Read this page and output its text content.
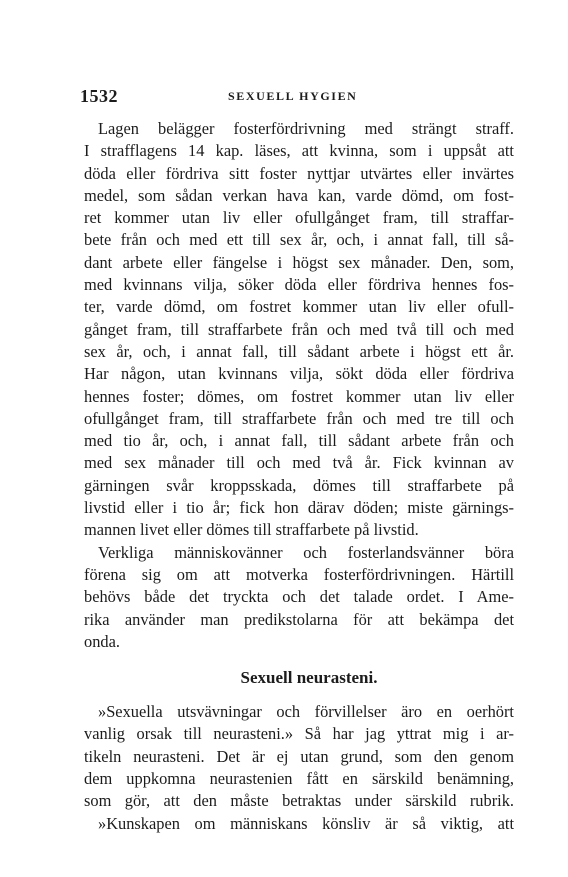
1532	SEXUELL HYGIEN
Lagen belägger fosterfördrivning med strängt straff.
I strafflagens 14 kap. läses, att kvinna, som i uppsåt att
döda eller fördriva sitt foster nyttjar utvärtes eller invärtes
medel, som sådan verkan hava kan, varde dömd, om fost-
ret kommer utan liv eller ofullgånget fram, till straffar-
bete från och med ett till sex år, och, i annat fall, till så-
dant arbete eller fängelse i högst sex månader. Den, som,
med kvinnans vilja, söker döda eller fördriva hennes fos-
ter, varde dömd, om fostret kommer utan liv eller ofull-
gånget fram, till straffarbete från och med två till och med
sex år, och, i annat fall, till sådant arbete i högst ett år.
Har någon, utan kvinnans vilja, sökt döda eller fördriva
hennes foster; dömes, om fostret kommer utan liv eller
ofullgånget fram, till straffarbete från och med tre till och
med tio år, och, i annat fall, till sådant arbete från och
med sex månader till och med två år. Fick kvinnan av
gärningen svår kroppsskada, dömes till straffarbete på
livstid eller i tio år; fick hon därav döden; miste gärnings-
mannen livet eller dömes till straffarbete på livstid.
Verkliga människovänner och fosterlandsvänner böra
förena sig om att motverka fosterfördrivningen. Härtill
behövs både det tryckta och det talade ordet. I Ame-
rika använder man predikstolarna för att bekämpa det
onda.
Sexuell neurasteni.
»Sexuella utsvävningar och förvillelser äro en oerhört
vanlig orsak till neurasteni.» Så har jag yttrat mig i ar-
tikeln neurasteni. Det är ej utan grund, som den genom
dem uppkomna neurastenien fått en särskild benämning,
som gör, att den måste betraktas under särskild rubrik.
»Kunskapen om människans könsliv är så viktig, att
